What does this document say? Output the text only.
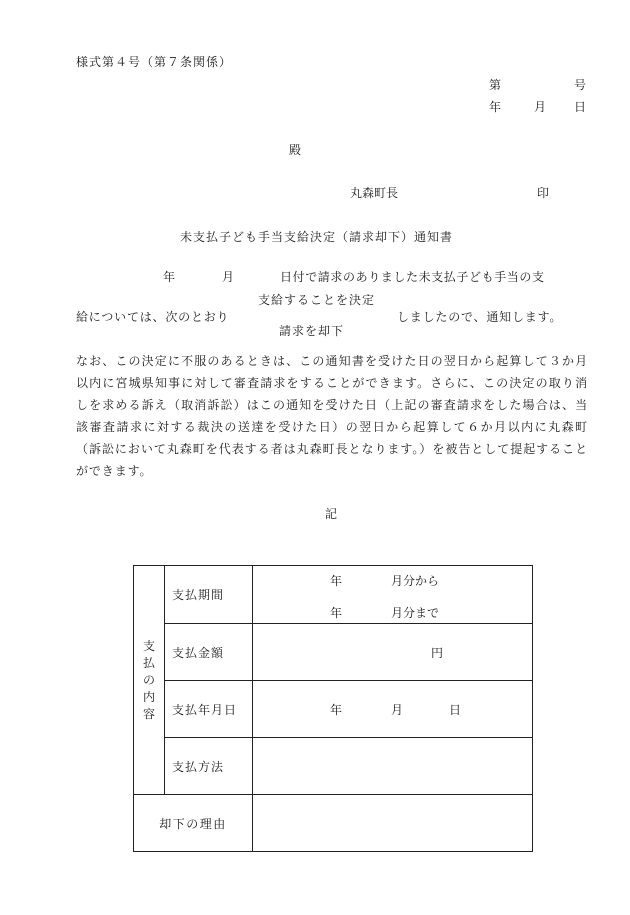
様式第４号（第７条関係）
第	号
年	月 日
殿
丸森町長	印
未支払子ども手当支給決定（請求却下）通知書
年	月	日付で請求のありました未支払子ども手当の支
支給することを決定
給については、次のとおり	しましたので、通知します。
請求を却下
なお、この決定に不服のあるときは、この通知書を受けた日の翌日から起算して３か月以内に宮城県知事に対して審査請求をすることができます。さらに、この決定の取り消しを求める訴え（取消訴訟）はこの通知を受けた日（上記の審査請求をした場合は、当該審査請求に対する裁決の送達を受けた日）の翌日から起算して６か月以内に丸森町（訴訟において丸森町を代表する者は丸森町長となります。）を被告として提起することができます。
記
支
払
の
内
容	支払期間	年 月分から
年 月分まで

	支払金額	円

	支払年月日	年 月 日

	支払方法	
却下の理由		
